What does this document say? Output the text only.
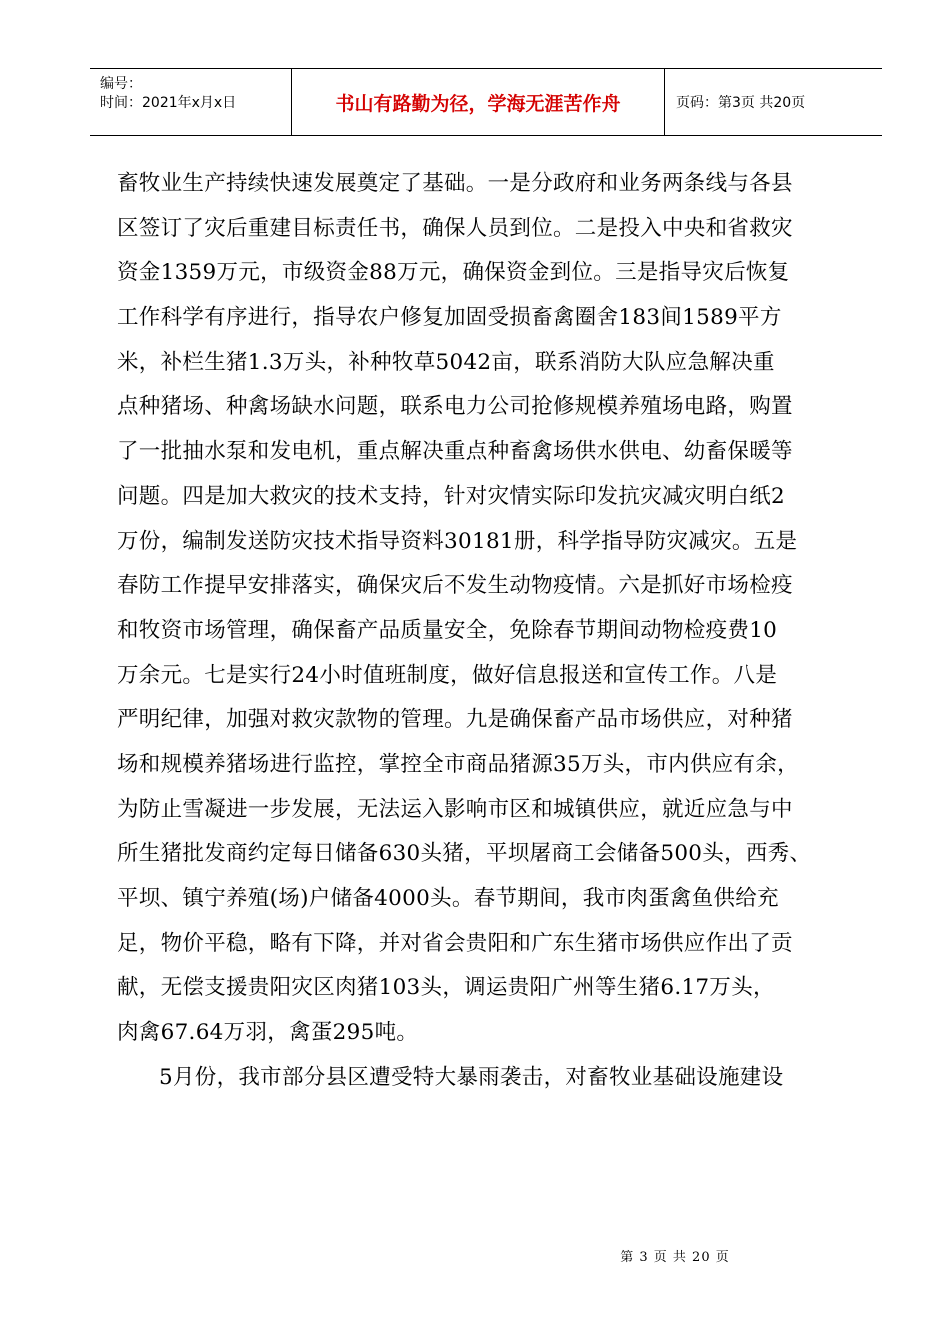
编号：
时间：2021年x月x日	书山有路勤为径，学海无涯苦作舟	页码：第3页 共20页
畜牧业生产持续快速发展奠定了基础。一是分政府和业务两条线与各县
区签订了灾后重建目标责任书，确保人员到位。二是投入中央和省救灾
资金1359万元，市级资金88万元，确保资金到位。三是指导灾后恢复
工作科学有序进行，指导农户修复加固受损畜禽圈舍183间1589平方
米，补栏生猪1.3万头，补种牧草5042亩，联系消防大队应急解决重
点种猪场、种禽场缺水问题，联系电力公司抢修规模养殖场电路，购置
了一批抽水泵和发电机，重点解决重点种畜禽场供水供电、幼畜保暖等
问题。四是加大救灾的技术支持，针对灾情实际印发抗灾减灾明白纸2
万份，编制发送防灾技术指导资料30181册，科学指导防灾减灾。五是
春防工作提早安排落实，确保灾后不发生动物疫情。六是抓好市场检疫
和牧资市场管理，确保畜产品质量安全，免除春节期间动物检疫费10
万余元。七是实行24小时值班制度，做好信息报送和宣传工作。八是
严明纪律，加强对救灾款物的管理。九是确保畜产品市场供应，对种猪
场和规模养猪场进行监控，掌控全市商品猪源35万头，市内供应有余，
为防止雪凝进一步发展，无法运入影响市区和城镇供应，就近应急与中
所生猪批发商约定每日储备630头猪，平坝屠商工会储备500头，西秀、
平坝、镇宁养殖(场)户储备4000头。春节期间，我市肉蛋禽鱼供给充
足，物价平稳，略有下降，并对省会贵阳和广东生猪市场供应作出了贡
献，无偿支援贵阳灾区肉猪103头，调运贵阳广州等生猪6.17万头，
肉禽67.64万羽，禽蛋295吨。
5月份，我市部分县区遭受特大暴雨袭击，对畜牧业基础设施建设
第 3 页 共 20 页
